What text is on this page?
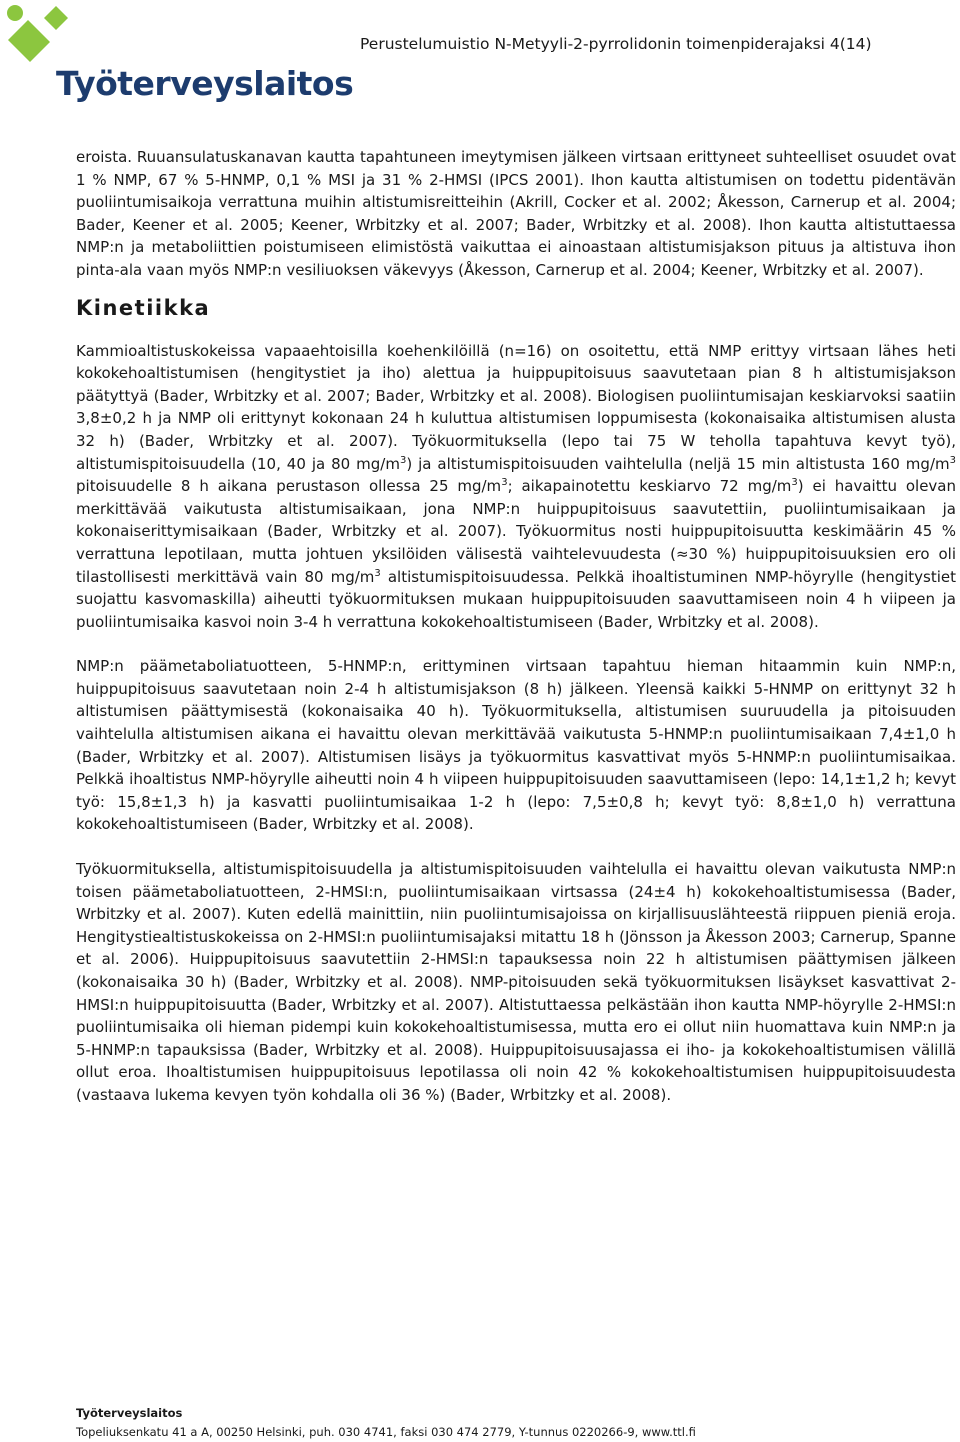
Työterveyslaitos
Perustelumuistio N-Metyyli-2-pyrrolidonin toimenpiderajaksi 4(14)

eroista. Ruuansulatuskanavan kautta tapahtuneen imeytymisen jälkeen virtsaan erittyneet suhteelliset osuudet ovat 1 % NMP, 67 % 5-HNMP, 0,1 % MSI ja 31 % 2-HMSI (IPCS 2001). Ihon kautta altistumisen on todettu pidentävän puoliintumisaikoja verrattuna muihin altistumisreitteihin (Akrill, Cocker et al. 2002; Åkesson, Carnerup et al. 2004; Bader, Keener et al. 2005; Keener, Wrbitzky et al. 2007; Bader, Wrbitzky et al. 2008). Ihon kautta altistuttaessa NMP:n ja metaboliittien poistumiseen elimistöstä vaikuttaa ei ainoastaan altistumisjakson pituus ja altistuva ihon pinta-ala vaan myös NMP:n vesiliuoksen väkevyys (Åkesson, Carnerup et al. 2004; Keener, Wrbitzky et al. 2007).

Kinetiikka

Kammioaltistuskokeissa vapaaehtoisilla koehenkilöillä (n=16) on osoitettu, että NMP erittyy virtsaan lähes heti kokokehoaltistumisen (hengitystiet ja iho) alettua ja huippupitoisuus saavutetaan pian 8 h altistumisjakson päätyttyä (Bader, Wrbitzky et al. 2007; Bader, Wrbitzky et al. 2008). Biologisen puoliintumisajan keskiarvoksi saatiin 3,8±0,2 h ja NMP oli erittynyt kokonaan 24 h kuluttua altistumisen loppumisesta (kokonaisaika altistumisen alusta 32 h) (Bader, Wrbitzky et al. 2007). Työkuormituksella (lepo tai 75 W teholla tapahtuva kevyt työ), altistumispitoisuudella (10, 40 ja 80 $mg/m^3$) ja altistumispitoisuuden vaihtelulla (neljä 15 min altistusta 160 $mg/m^3$ pitoisuudelle 8 h aikana perustason ollessa 25 $mg/m^3$; aikapainotettu keskiarvo 72 $mg/m^3$) ei havaittu olevan merkittävää vaikutusta altistumisaikaan, jona NMP:n huippupitoisuus saavutettiin, puoliintumisaikaan ja kokonaiserittymisaikaan (Bader, Wrbitzky et al. 2007). Työkuormitus nosti huippupitoisuutta keskimäärin 45 % verrattuna lepotilaan, mutta johtuen yksilöiden välisestä vaihtelevuudesta (≈30 %) huippupitoisuuksien ero oli tilastollisesti merkittävä vain 80 $mg/m^3$ altistumispitoisuudessa. Pelkkä ihoaltistuminen NMP-höyrylle (hengitystiet suojattu kasvomaskilla) aiheutti työkuormituksen mukaan huippupitoisuuden saavuttamiseen noin 4 h viipeen ja puoliintumisaika kasvoi noin 3-4 h verrattuna kokokehoaltistumiseen (Bader, Wrbitzky et al. 2008).

NMP:n päämetaboliatuotteen, 5-HNMP:n, erittyminen virtsaan tapahtuu hieman hitaammin kuin NMP:n, huippupitoisuus saavutetaan noin 2-4 h altistumisjakson (8 h) jälkeen. Yleensä kaikki 5-HNMP on erittynyt 32 h altistumisen päättymisestä (kokonaisaika 40 h). Työkuormituksella, altistumisen suuruudella ja pitoisuuden vaihtelulla altistumisen aikana ei havaittu olevan merkittävää vaikutusta 5-HNMP:n puoliintumisaikaan 7,4±1,0 h (Bader, Wrbitzky et al. 2007). Altistumisen lisäys ja työkuormitus kasvattivat myös 5-HNMP:n puoliintumisaikaa. Pelkkä ihoaltistus NMP-höyrylle aiheutti noin 4 h viipeen huippupitoisuuden saavuttamiseen (lepo: 14,1±1,2 h; kevyt työ: 15,8±1,3 h) ja kasvatti puoliintumisaikaa 1-2 h (lepo: 7,5±0,8 h; kevyt työ: 8,8±1,0 h) verrattuna kokokehoaltistumiseen (Bader, Wrbitzky et al. 2008).

Työkuormituksella, altistumispitoisuudella ja altistumispitoisuuden vaihtelulla ei havaittu olevan vaikutusta NMP:n toisen päämetaboliatuotteen, 2-HMSI:n, puoliintumisaikaan virtsassa (24±4 h) kokokehoaltistumisessa (Bader, Wrbitzky et al. 2007). Kuten edellä mainittiin, niin puoliintumisajoissa on kirjallisuuslähteestä riippuen pieniä eroja. Hengitystiealtistuskokeissa on 2-HMSI:n puoliintumisajaksi mitattu 18 h (Jönsson ja Åkesson 2003; Carnerup, Spanne et al. 2006). Huippupitoisuus saavutettiin 2-HMSI:n tapauksessa noin 22 h altistumisen päättymisen jälkeen (kokonaisaika 30 h) (Bader, Wrbitzky et al. 2008). NMP-pitoisuuden sekä työkuormituksen lisäykset kasvattivat 2-HMSI:n huippupitoisuutta (Bader, Wrbitzky et al. 2007). Altistuttaessa pelkästään ihon kautta NMP-höyrylle 2-HMSI:n puoliintumisaika oli hieman pidempi kuin kokokehoaltistumisessa, mutta ero ei ollut niin huomattava kuin NMP:n ja 5-HNMP:n tapauksissa (Bader, Wrbitzky et al. 2008). Huippupitoisuusajassa ei iho- ja kokokehoaltistumisen välillä ollut eroa. Ihoaltistumisen huippupitoisuus lepotilassa oli noin 42 % kokokehoaltistumisen huippupitoisuudesta (vastaava lukema kevyen työn kohdalla oli 36 %) (Bader, Wrbitzky et al. 2008).

Työterveyslaitos
Topeliuksenkatu 41 a A, 00250 Helsinki, puh. 030 4741, faksi 030 474 2779, Y-tunnus 0220266-9, www.ttl.fi
